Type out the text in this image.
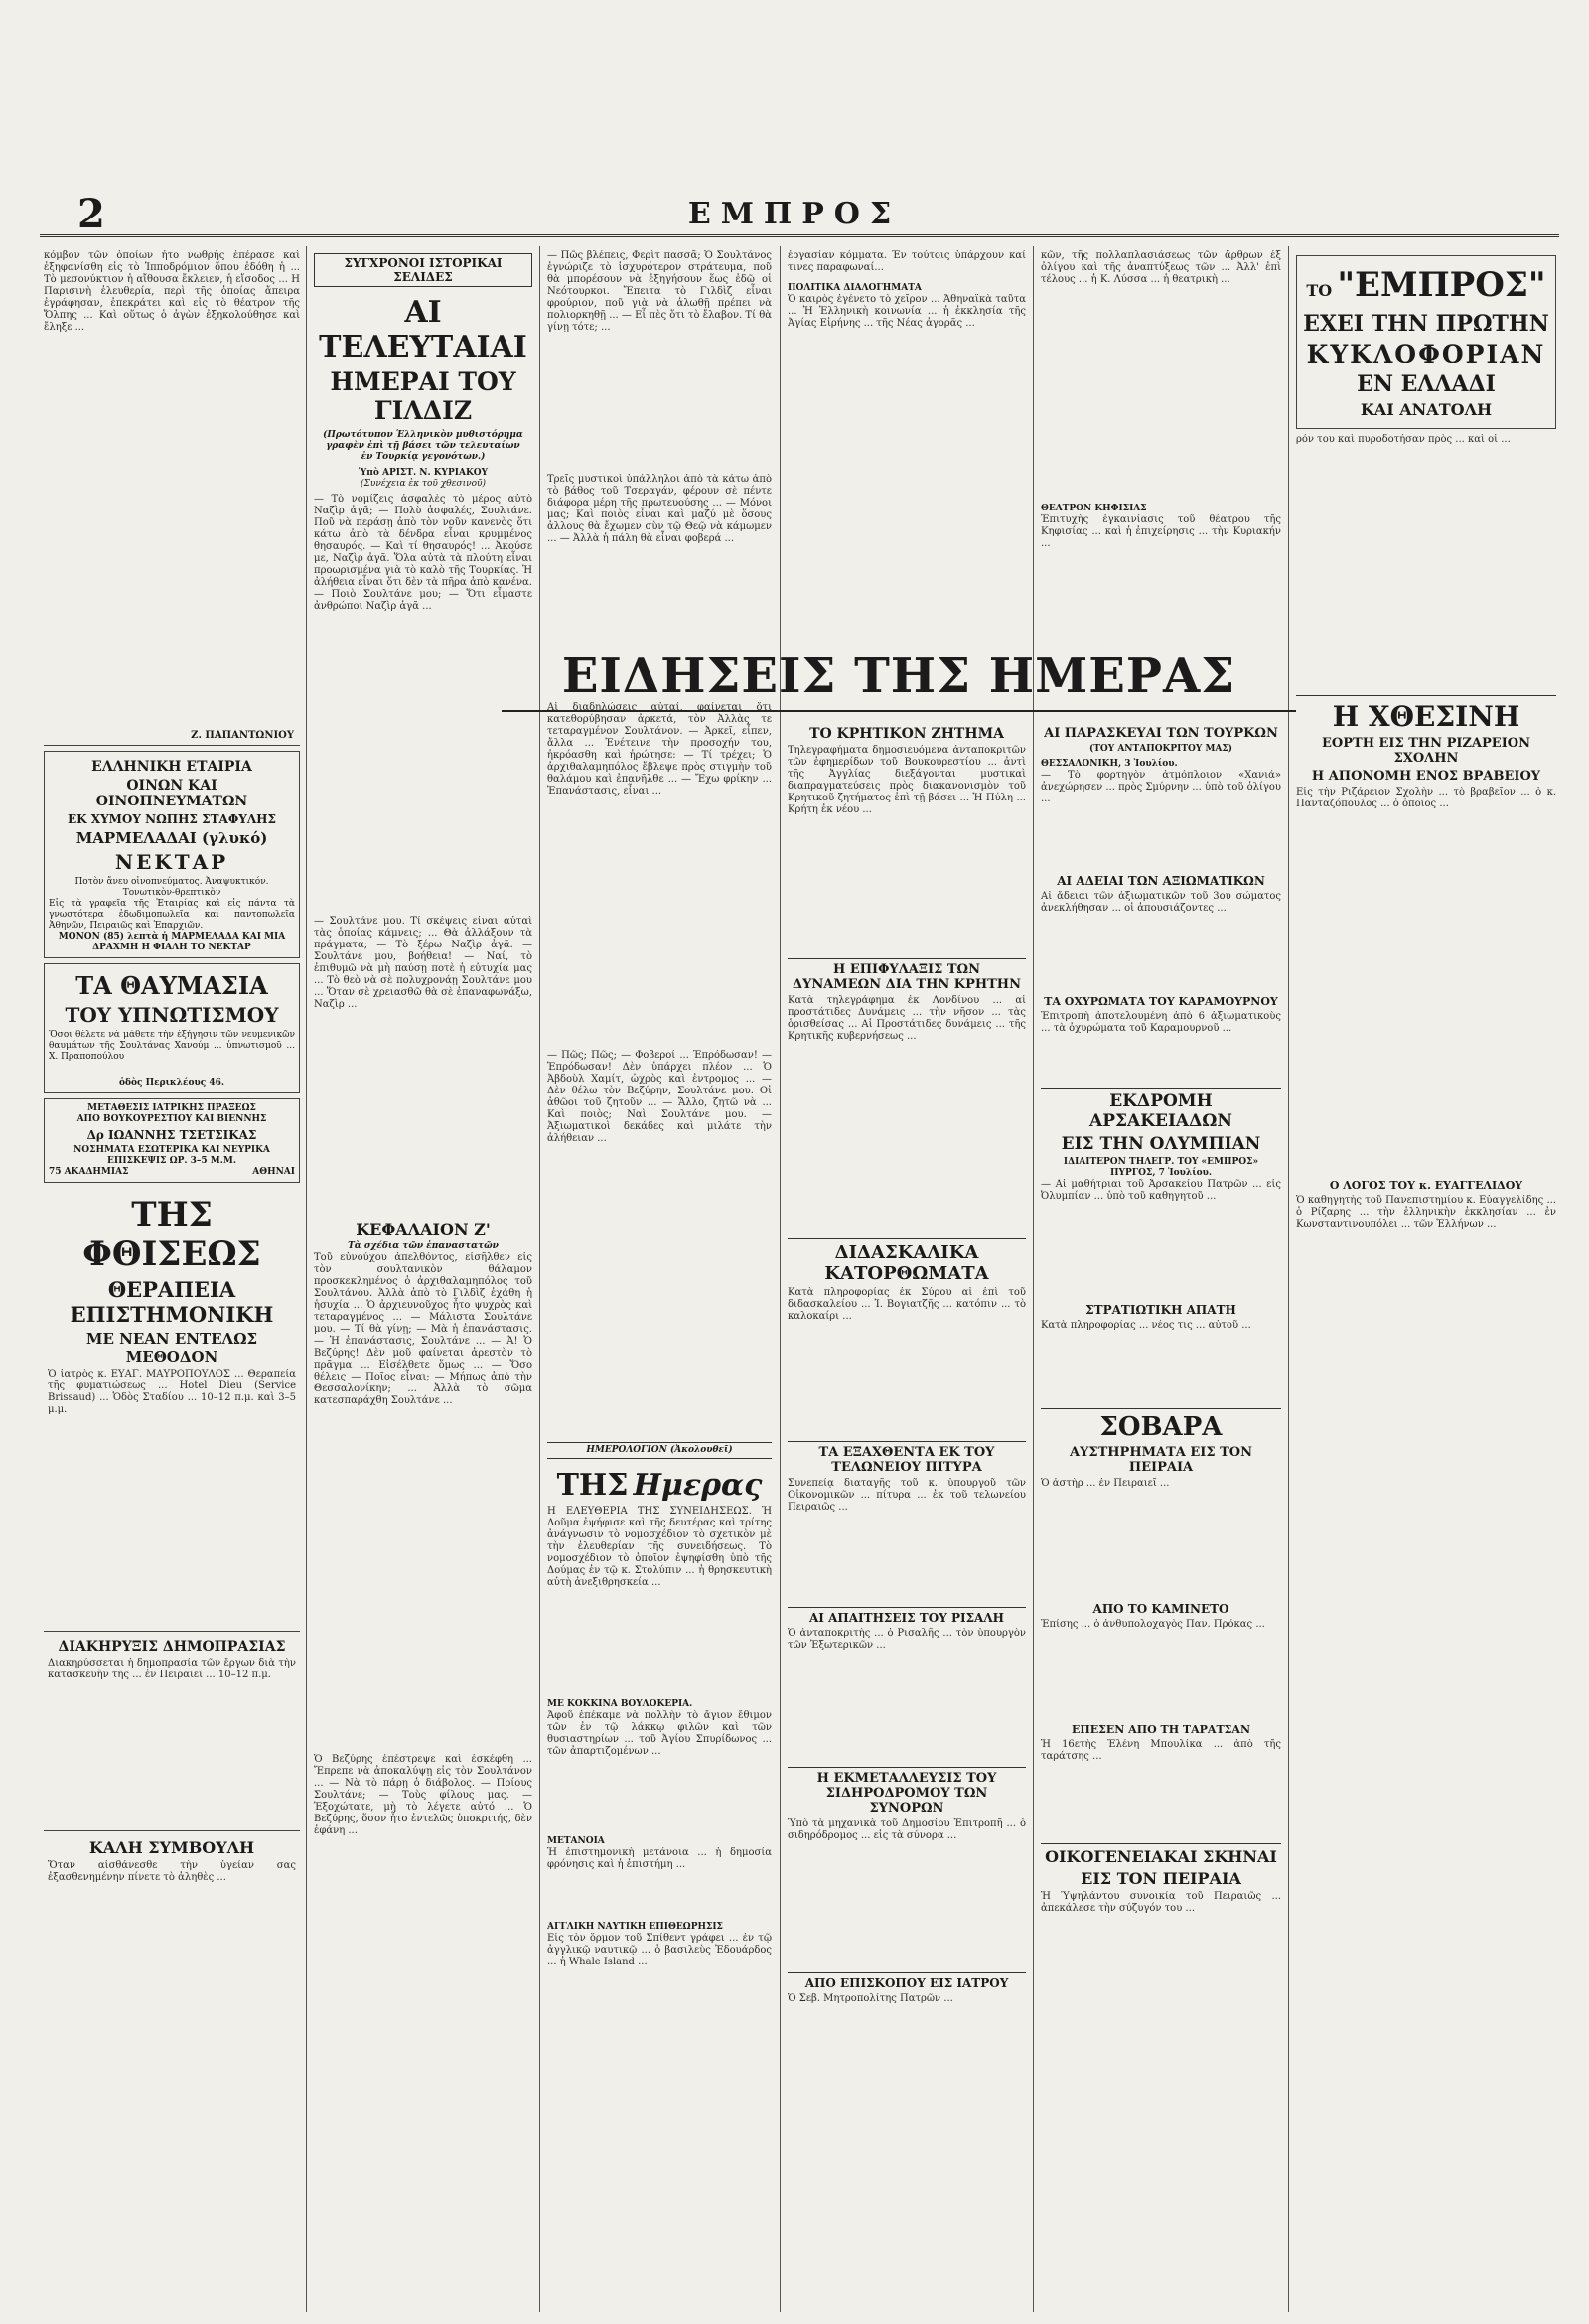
2	ΕΜΠΡΟΣ

κόμβον τῶν ὁποίων ἦτο νωθρὴς ἐπέρασε καὶ ἐξηφανίσθη εἰς τὸ Ἱπποδρόμιον ὅπου ἐδόθη ἡ ... Τὸ μεσονύκτιον ἡ αἴθουσα ἔκλειεν, ἡ εἴσοδος ... Η Παρισινὴ ἐλευθερία, περὶ τῆς ὁποίας ἄπειρα ἐγράφησαν, ἐπεκράτει καὶ εἰς τὸ θέατρον τῆς Ὄλπης ... Καὶ οὕτως ὁ ἀγὼν ἐξηκολούθησε καὶ ἔληξε ...

Ζ. ΠΑΠΑΝΤΩΝΙΟΥ
ΕΛΛΗΝΙΚΗ ΕΤΑΙΡΙΑ
ΟΙΝΩΝ ΚΑΙ ΟΙΝΟΠΝΕΥΜΑΤΩΝ
ΕΚ ΧΥΜΟΥ ΝΩΠΗΣ ΣΤΑΦΥΛΗΣ
ΜΑΡΜΕΛΑΔΑΙ (γλυκό)
ΝΕΚΤΑΡ
Ποτὸν ἄνευ οἰνοπνεύματος. Ἀναψυκτικόν. Τονωτικὸν-θρεπτικὸν
Εἰς τὰ γραφεῖα τῆς Ἑταιρίας καὶ εἰς πάντα τὰ γνωστότερα ἐδωδιμοπωλεῖα καὶ παντοπωλεῖα Ἀθηνῶν, Πειραιῶς καὶ Ἐπαρχιῶν.
ΜΟΝΟΝ (85) λεπτὰ ἡ ΜΑΡΜΕΛΑΔΑ ΚΑΙ ΜΙΑ ΔΡΑΧΜΗ Η ΦΙΑΛΗ ΤΟ ΝΕΚΤΑΡ
ΤΑ ΘΑΥΜΑΣΙΑ
ΤΟΥ ΥΠΝΩΤΙΣΜΟΥ
Ὅσοι θέλετε νὰ μάθετε τὴν ἐξήγησιν τῶν νευμενικῶν θαυμάτων τῆς Σουλτάνας Χανούμ ... ὑπνωτισμοῦ ... Χ. Πραποπούλου
ὁδὸς Περικλέους 46.
ΜΕΤΑΘΕΣΙΣ ΙΑΤΡΙΚΗΣ ΠΡΑΞΕΩΣ
ΑΠΟ ΒΟΥΚΟΥΡΕΣΤΙΟΥ ΚΑΙ ΒΙΕΝΝΗΣ
Δρ ΙΩΑΝΝΗΣ ΤΣΕΤΣΙΚΑΣ
ΝΟΣΗΜΑΤΑ ΕΣΩΤΕΡΙΚΑ ΚΑΙ ΝΕΥΡΙΚΑ
ΕΠΙΣΚΕΨΙΣ ΩΡ. 3–5 Μ.Μ.
75 ΑΚΑΔΗΜΙΑΣ	ΑΘΗΝΑΙ
ΤΗΣ ΦΘΙΣΕΩΣ
ΘΕΡΑΠΕΙΑ ΕΠΙΣΤΗΜΟΝΙΚΗ
ΜΕ ΝΕΑΝ ΕΝΤΕΛΩΣ ΜΕΘΟΔΟΝ

Ὁ ἰατρὸς κ. ΕΥΑΓ. ΜΑΥΡΟΠΟΥΛΟΣ ... Θεραπεία τῆς φυματιώσεως ... Hotel Dieu (Service Brissaud) ... Ὁδὸς Σταδίου ... 10–12 π.μ. καὶ 3–5 μ.μ.

ΔΙΑΚΗΡΥΞΙΣ ΔΗΜΟΠΡΑΣΙΑΣ

Διακηρύσσεται ἡ δημοπρασία τῶν ἔργων διὰ τὴν κατασκευὴν τῆς ... ἐν Πειραιεῖ ... 10–12 π.μ.

ΚΑΛΗ ΣΥΜΒΟΥΛΗ

Ὅταν αἰσθάνεσθε τὴν ὑγείαν σας ἐξασθενημένην πίνετε τὸ ἀληθὲς ...

ΣΥΓΧΡΟΝΟΙ ΙΣΤΟΡΙΚΑΙ ΣΕΛΙΔΕΣ
ΑΙ ΤΕΛΕΥΤΑΙΑΙ
ΗΜΕΡΑΙ ΤΟΥ ΓΙΛΔΙΖ
(Πρωτότυπον Ἑλληνικὸν μυθιστόρημα γραφὲν ἐπὶ τῇ βάσει τῶν τελευταίων ἐν Τουρκίᾳ γεγονότων.)
Ὑπὸ ΑΡΙΣΤ. Ν. ΚΥΡΙΑΚΟΥ
(Συνέχεια ἐκ τοῦ χθεσινοῦ)

— Τὸ νομίζεις ἀσφαλὲς τὸ μέρος αὐτὸ Ναζὶρ ἀγᾶ; — Πολὺ ἀσφαλές, Σουλτάνε. Ποῦ νὰ περάσῃ ἀπὸ τὸν νοῦν κανενὸς ὅτι κάτω ἀπὸ τὰ δένδρα εἶναι κρυμμένος θησαυρός. — Καὶ τί θησαυρός! ... Ἀκούσε με, Ναζὶρ ἀγᾶ. Ὅλα αὐτὰ τὰ πλούτη εἶναι προωρισμένα γιὰ τὸ καλὸ τῆς Τουρκίας. Ἡ ἀλήθεια εἶναι ὅτι δὲν τὰ πῆρα ἀπὸ κανένα. — Ποιὸ Σουλτάνε μου; — Ὅτι εἶμαστε ἀνθρώποι Ναζὶρ ἀγᾶ ...

— Σουλτάνε μου. Τί σκέψεις εἶναι αὐταὶ τὰς ὁποίας κάμνεις; ... Θὰ ἀλλάξουν τὰ πράγματα; — Τὸ ξέρω Ναζὶρ ἀγᾶ. — Σουλτάνε μου, βοήθεια! — Ναί, τὸ ἐπιθυμῶ νὰ μὴ παύσῃ ποτὲ ἡ εὐτυχία μας ... Τὸ θεὸ νὰ σὲ πολυχρονάῃ Σουλτάνε μου ... Ὅταν σὲ χρειασθῶ θὰ σὲ ἐπαναφωνάξω, Ναζὶρ ...

ΚΕΦΑΛΑΙΟΝ Ζ'
Τὰ σχέδια τῶν ἐπαναστατῶν

Τοῦ εὐνούχου ἀπελθόντος, εἰσῆλθεν εἰς τὸν σουλτανικὸν θάλαμον προσκεκλημένος ὁ ἀρχιθαλαμηπόλος τοῦ Σουλτάνου. Ἀλλὰ ἀπὸ τὸ Γιλδὶζ ἐχάθη ἡ ἡσυχία ... Ὁ ἀρχιευνοῦχος ἦτο ψυχρὸς καὶ τεταραγμένος ... — Μάλιστα Σουλτάνε μου. — Τί θὰ γίνῃ; — Μὰ ἡ ἐπανάστασις. — Ἡ ἐπανάστασις, Σουλτάνε ... — Ἀ! Ὁ Βεζύρης! Δὲν μοῦ φαίνεται ἀρεστὸν τὸ πρᾶγμα ... Εἰσέλθετε ὅμως ... — Ὅσο θέλεις — Ποῖος εἶναι; — Μήπως ἀπὸ τὴν Θεσσαλονίκην; ... Ἀλλὰ τὸ σῶμα κατεσπαράχθη Σουλτάνε ...

Ὁ Βεζύρης ἐπέστρεψε καὶ ἐσκέφθη ... Ἔπρεπε νὰ ἀποκαλύψῃ εἰς τὸν Σουλτάνον ... — Νὰ τὸ πάρῃ ὁ διάβολος. — Ποίους Σουλτάνε; — Τοὺς φίλους μας. — Ἐξοχώτατε, μὴ τὸ λέγετε αὐτό ... Ὁ Βεζύρης, ὅσον ἦτο ἐντελῶς ὑποκριτής, δὲν ἐφάνη ...

— Πῶς βλέπεις, Φερὶτ πασσᾶ; Ὁ Σουλτάνος ἐγνώριζε τὸ ἰσχυρότερον στράτευμα, ποῦ θὰ μπορέσουν νὰ ἐξηγήσουν ἕως ἐδῶ οἱ Νεότουρκοι. Ἔπειτα τὸ Γιλδὶζ εἶναι φρούριον, ποῦ γιὰ νὰ ἁλωθῇ πρέπει νὰ πολιορκηθῇ ... — Εἶ πὲς ὅτι τὸ ἔλαβον. Τί θὰ γίνῃ τότε; ...

Τρεῖς μυστικοὶ ὑπάλληλοι ἀπὸ τὰ κάτω ἀπὸ τὸ βάθος τοῦ Τσεραγάν, φέρουν σὲ πέντε διάφορα μέρη τῆς πρωτευούσης ... — Μόνοι μας; Καὶ ποιὸς εἶναι καὶ μαζύ μὲ ὅσους ἀλλους θὰ ἔχωμεν σὺν τῷ Θεῷ νὰ κάμωμεν ... — Ἀλλὰ ἡ πάλη θὰ εἶναι φοβερά ...

Αἱ διαδηλώσεις αὐταί, φαίνεται ὅτι κατεθορύβησαν ἀρκετά, τὸν Ἀλλὰς τε τεταραγμένον Σουλτάνον. — Ἀρκεῖ, εἶπεν, ἄλλα ... Ἐνέτεινε τὴν προσοχήν του, ἠκρόασθη καὶ ἠρώτησε: — Τί τρέχει; Ὁ ἀρχιθαλαμηπόλος ἔβλεψε πρὸς στιγμὴν τοῦ θαλάμου καὶ ἐπανῆλθε ... — Ἔχω φρίκην ... Ἐπανάστασις, εἶναι ...

— Πῶς; Πῶς; — Φοβεροί ... Ἐπρόδωσαν! — Ἐπρόδωσαν! Δὲν ὑπάρχει πλέον ... Ὁ Ἀβδοὺλ Χαμίτ, ὠχρὸς καὶ ἐντρομος ... — Δὲν θέλω τὸν Βεζύρην, Σουλτάνε μου. Οἱ ἀθῶοι τοῦ ζητοῦν ... — Ἄλλο, ζητῶ νὰ ... Καὶ ποιὸς; Ναὶ Σουλτάνε μου. — Ἀξιωματικοὶ δεκάδες καὶ μιλάτε τὴν ἀλήθειαν ...

ΗΜΕΡΟΛΟΓΙΟΝ (Ἀκολουθεῖ)
ΤΗΣ Ημερας

Η ΕΛΕΥΘΕΡΙΑ ΤΗΣ ΣΥΝΕΙΔΗΣΕΩΣ. Ἡ Δοῦμα ἐψήφισε καὶ τῆς δευτέρας καὶ τρίτης ἀνάγνωσιν τὸ νομοσχέδιον τὸ σχετικὸν μὲ τὴν ἐλευθερίαν τῆς συνειδήσεως. Τὸ νομοσχέδιον τὸ ὁποῖον ἐψηφίσθη ὑπὸ τῆς Δούμας ἐν τῷ κ. Στολύπιν ... ἡ θρησκευτικὴ αὐτὴ ἀνεξιθρησκεία ...

ΜΕ ΚΟΚΚΙΝΑ ΒΟΥΛΟΚΕΡΙΑ.

Ἀφοῦ ἐπέκαμε νὰ πολλὴν τὸ ἄγιον ἔθιμον τῶν ἐν τῷ λάκκῳ φιλῶν καὶ τῶν θυσιαστηρίων ... τοῦ Ἀγίου Σπυρίδωνος ... τῶν ἀπαρτιζομένων ...

ΜΕΤΑΝΟΙΑ

Ἡ ἐπιστημονικὴ μετάνοια ... ἡ δημοσία φρόνησις καὶ ἡ ἐπιστήμη ...

ΑΓΓΛΙΚΗ ΝΑΥΤΙΚΗ ΕΠΙΘΕΩΡΗΣΙΣ

Εἰς τὸν ὅρμον τοῦ Σπίθεντ γράφει ... ἐν τῷ ἀγγλικῷ ναυτικῷ ... ὁ βασιλεὺς Ἐδουάρδος ... ἡ Whale Island ...

ἐργασίαν κόμματα. Ἐν τούτοις ὑπάρχουν καί τινες παραφωναί...

ΠΟΛΙΤΙΚΑ ΔΙΑΛΟΓΗΜΑΤΑ

Ὁ καιρὸς ἐγένετο τὸ χεῖρον ... Ἀθηναϊκὰ ταῦτα ... Ἡ Ἑλληνικὴ κοινωνία ... ἡ ἐκκλησία τῆς Ἀγίας Εἰρήνης ... τῆς Νέας ἀγορᾶς ...

κῶν, τῆς πολλαπλασιάσεως τῶν ἄρθρων ἐξ ὀλίγου καὶ τῆς ἀναπτύξεως τῶν ... Ἀλλ' ἐπὶ τέλους ... ἡ Κ. Λύσσα ... ἡ θεατρικὴ ...

ΘΕΑΤΡΟΝ ΚΗΦΙΣΙΑΣ

Ἐπιτυχὴς ἐγκαινίασις τοῦ θέατρου τῆς Κηφισίας ... καὶ ἡ ἐπιχείρησις ... τὴν Κυριακήν ...

ΕΙΔΗΣΕΙΣ ΤΗΣ ΗΜΕΡΑΣ
ΤΟ ΚΡΗΤΙΚΟΝ ΖΗΤΗΜΑ

Τηλεγραφήματα δημοσιευόμενα ἀνταποκριτῶν τῶν ἐφημερίδων τοῦ Βουκουρεστίου ... ἀντὶ τῆς Ἀγγλίας διεξάγονται μυστικαὶ διαπραγματεύσεις πρὸς διακανονισμὸν τοῦ Κρητικοῦ ζητήματος ἐπὶ τῇ βάσει ... Ἡ Πύλη ... Κρήτη ἐκ νέου ...

Η ΕΠΙΦΥΛΑΞΙΣ ΤΩΝ ΔΥΝΑΜΕΩΝ ΔΙΑ ΤΗΝ ΚΡΗΤΗΝ

Κατὰ τηλεγράφημα ἐκ Λονδίνου ... αἱ προστάτιδες Δυνάμεις ... τὴν νῆσον ... τὰς ὁρισθείσας ... Αἱ Προστάτιδες δυνάμεις ... τῆς Κρητικῆς κυβερνήσεως ...

ΔΙΔΑΣΚΑΛΙΚΑ ΚΑΤΟΡΘΩΜΑΤΑ

Κατὰ πληροφορίας ἐκ Σύρου αἱ ἐπὶ τοῦ διδασκαλείου ... Ἰ. Βογιατζῆς ... κατόπιν ... τὸ καλοκαίρι ...

ΤΑ ΕΞΑΧΘΕΝΤΑ ΕΚ ΤΟΥ ΤΕΛΩΝΕΙΟΥ ΠΙΤΥΡΑ

Συνεπείᾳ διαταγῆς τοῦ κ. ὑπουργοῦ τῶν Οἰκονομικῶν ... πίτυρα ... ἐκ τοῦ τελωνείου Πειραιῶς ...

ΑΙ ΑΠΑΙΤΗΣΕΙΣ ΤΟΥ ΡΙΣΑΛΗ

Ὁ ἀνταποκριτὴς ... ὁ Ρισαλῆς ... τὸν ὑπουργὸν τῶν Ἐξωτερικῶν ...

Η ΕΚΜΕΤΑΛΛΕΥΣΙΣ ΤΟΥ ΣΙΔΗΡΟΔΡΟΜΟΥ ΤΩΝ ΣΥΝΟΡΩΝ

Ὑπὸ τὰ μηχανικὰ τοῦ Δημοσίου Ἐπιτροπῆ ... ὁ σιδηρόδρομος ... εἰς τὰ σύνορα ...

ΑΠΟ ΕΠΙΣΚΟΠΟΥ ΕΙΣ ΙΑΤΡΟΥ

Ὁ Σεβ. Μητροπολίτης Πατρῶν ...

ΑΙ ΠΑΡΑΣΚΕΥΑΙ ΤΩΝ ΤΟΥΡΚΩΝ
(ΤΟΥ ΑΝΤΑΠΟΚΡΙΤΟΥ ΜΑΣ)
ΘΕΣΣΑΛΟΝΙΚΗ, 3 Ἰουλίου.

— Τὸ φορτηγὸν ἀτμόπλοιον «Χανιά» ἀνεχώρησεν ... πρὸς Σμύρνην ... ὑπὸ τοῦ ὀλίγου ...

ΑΙ ΑΔΕΙΑΙ ΤΩΝ ΑΞΙΩΜΑΤΙΚΩΝ

Αἱ ἄδειαι τῶν ἀξιωματικῶν τοῦ 3ου σώματος ἀνεκλήθησαν ... οἱ ἀπουσιάζοντες ...

ΤΑ ΟΧΥΡΩΜΑΤΑ ΤΟΥ ΚΑΡΑΜΟΥΡΝΟΥ

Ἐπιτροπὴ ἀποτελουμένη ἀπὸ 6 ἀξιωματικοὺς ... τὰ ὀχυρώματα τοῦ Καραμουρνοῦ ...

ΕΚΔΡΟΜΗ ΑΡΣΑΚΕΙΑΔΩΝ
ΕΙΣ ΤΗΝ ΟΛΥΜΠΙΑΝ
ΙΔΙΑΙΤΕΡΟΝ ΤΗΛΕΓΡ. ΤΟΥ «ΕΜΠΡΟΣ»
ΠΥΡΓΟΣ, 7 Ἰουλίου.

— Αἱ μαθήτριαι τοῦ Ἀρσακείου Πατρῶν ... εἰς Ὀλυμπίαν ... ὑπὸ τοῦ καθηγητοῦ ...

ΣΤΡΑΤΙΩΤΙΚΗ ΑΠΑΤΗ

Κατὰ πληροφορίας ... νέος τις ... αὐτοῦ ...

ΣΟΒΑΡΑ
ΑΥΣΤΗΡΗΜΑΤΑ ΕΙΣ ΤΟΝ ΠΕΙΡΑΙΑ

Ὁ ἀστὴρ ... ἐν Πειραιεῖ ...

ΑΠΟ ΤΟ ΚΑΜΙΝΕΤΟ

Ἐπίσης ... ὁ ἀνθυπολοχαγὸς Παν. Πρόκας ...

ΕΠΕΣΕΝ ΑΠΟ ΤΗ ΤΑΡΑΤΣΑΝ

Ἡ 16ετὴς Ἑλένη Μπουλίκα ... ἀπὸ τῆς ταράτσης ...

ΟΙΚΟΓΕΝΕΙΑΚΑΙ ΣΚΗΝΑΙ
ΕΙΣ ΤΟΝ ΠΕΙΡΑΙΑ

Ἡ Ὑψηλάντου συνοικία τοῦ Πειραιῶς ... ἀπεκάλεσε τὴν σύζυγόν του ...

ΤΟ "ΕΜΠΡΟΣ"
ΕΧΕΙ ΤΗΝ ΠΡΩΤΗΝ
ΚΥΚΛΟΦΟΡΙΑΝ
ΕΝ ΕΛΛΑΔΙ
ΚΑΙ ΑΝΑΤΟΛΗ

ρόν του καὶ πυροδοτήσαν πρὸς ... καὶ οἱ ...

Η ΧΘΕΣΙΝΗ
ΕΟΡΤΗ ΕΙΣ ΤΗΝ ΡΙΖΑΡΕΙΟΝ ΣΧΟΛΗΝ
Η ΑΠΟΝΟΜΗ ΕΝΟΣ ΒΡΑΒΕΙΟΥ

Εἰς τὴν Ριζάρειον Σχολὴν ... τὸ βραβεῖον ... ὁ κ. Πανταζόπουλος ... ὁ ὁποῖος ...

Ο ΛΟΓΟΣ ΤΟΥ κ. ΕΥΑΓΓΕΛΙΔΟΥ

Ὁ καθηγητὴς τοῦ Πανεπιστημίου κ. Εὐαγγελίδης ... ὁ Ρίζαρης ... τὴν ἑλληνικὴν ἐκκλησίαν ... ἐν Κωνσταντινουπόλει ... τῶν Ἑλλήνων ...
